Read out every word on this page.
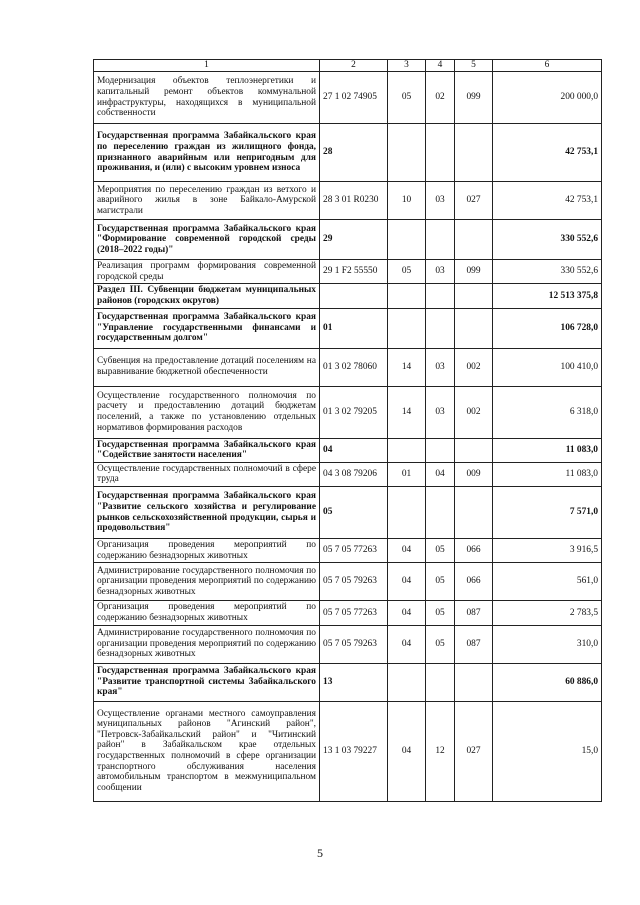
1	2	3	4	5	6
Модернизация объектов теплоэнергетики и капитальный ремонт объектов коммунальной инфраструктуры, находящихся в муниципальной собственности	27 1 02 74905	05	02	099	200 000,0
Государственная программа Забайкальского края по переселению граждан из жилищного фонда, признанного аварийным или непригодным для проживания, и (или) с высоким уровнем износа	28				42 753,1
Мероприятия по переселению граждан из ветхого и аварийного жилья в зоне Байкало-Амурской магистрали	28 3 01 R0230	10	03	027	42 753,1
Государственная программа Забайкальского края "Формирование современной городской среды (2018–2022 годы)"	29				330 552,6
Реализация программ формирования современной городской среды	29 1 F2 55550	05	03	099	330 552,6
Раздел III. Субвенции бюджетам муниципальных районов (городских округов)					12 513 375,8
Государственная программа Забайкальского края "Управление государственными финансами и государственным долгом"	01				106 728,0
Субвенция на предоставление дотаций поселениям на выравнивание бюджетной обеспеченности	01 3 02 78060	14	03	002	100 410,0
Осуществление государственного полномочия по расчету и предоставлению дотаций бюджетам поселений, а также по установлению отдельных нормативов формирования расходов	01 3 02 79205	14	03	002	6 318,0
Государственная программа Забайкальского края "Содействие занятости населения"	04				11 083,0
Осуществление государственных полномочий в сфере труда	04 3 08 79206	01	04	009	11 083,0
Государственная программа Забайкальского края "Развитие сельского хозяйства и регулирование рынков сельскохозяйственной продукции, сырья и продовольствия"	05				7 571,0
Организация проведения мероприятий по содержанию безнадзорных животных	05 7 05 77263	04	05	066	3 916,5
Администрирование государственного полномочия по организации проведения мероприятий по содержанию безнадзорных животных	05 7 05 79263	04	05	066	561,0
Организация проведения мероприятий по содержанию безнадзорных животных	05 7 05 77263	04	05	087	2 783,5
Администрирование государственного полномочия по организации проведения мероприятий по содержанию безнадзорных животных	05 7 05 79263	04	05	087	310,0
Государственная программа Забайкальского края "Развитие транспортной системы Забайкальского края"	13				60 886,0
Осуществление органами местного самоуправления муниципальных районов "Агинский район", "Петровск-Забайкальский район" и "Читинский район" в Забайкальском крае отдельных государственных полномочий в сфере организации транспортного обслуживания населения автомобильным транспортом в межмуниципальном сообщении	13 1 03 79227	04	12	027	15,0
5
